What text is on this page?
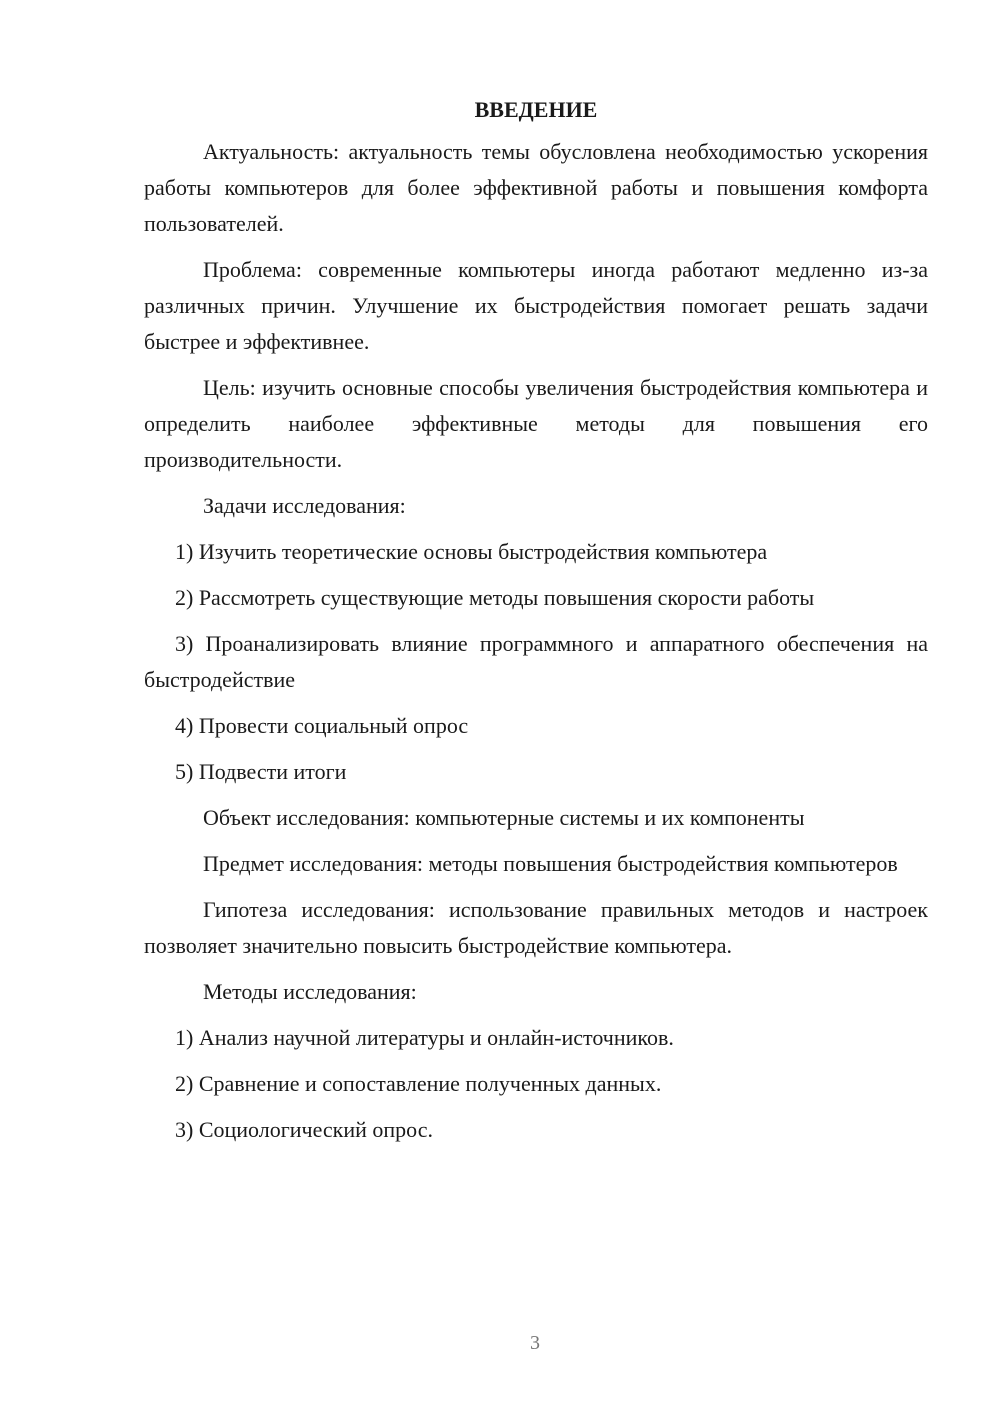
ВВЕДЕНИЕ

Актуальность: актуальность темы обусловлена необходимостью ускорения работы компьютеров для более эффективной работы и повышения комфорта пользователей.

Проблема: современные компьютеры иногда работают медленно из-за различных причин. Улучшение их быстродействия помогает решать задачи быстрее и эффективнее.

Цель: изучить основные способы увеличения быстродействия компьютера и определить наиболее эффективные методы для повышения его производительности.

Задачи исследования:

1) Изучить теоретические основы быстродействия компьютера

2) Рассмотреть существующие методы повышения скорости работы

3) Проанализировать влияние программного и аппаратного обеспечения на быстродействие

4) Провести социальный опрос

5) Подвести итоги

Объект исследования: компьютерные системы и их компоненты

Предмет исследования: методы повышения быстродействия компьютеров

Гипотеза исследования: использование правильных методов и настроек позволяет значительно повысить быстродействие компьютера.

Методы исследования:

1) Анализ научной литературы и онлайн-источников.

2) Сравнение и сопоставление полученных данных.

3) Социологический опрос.

3
